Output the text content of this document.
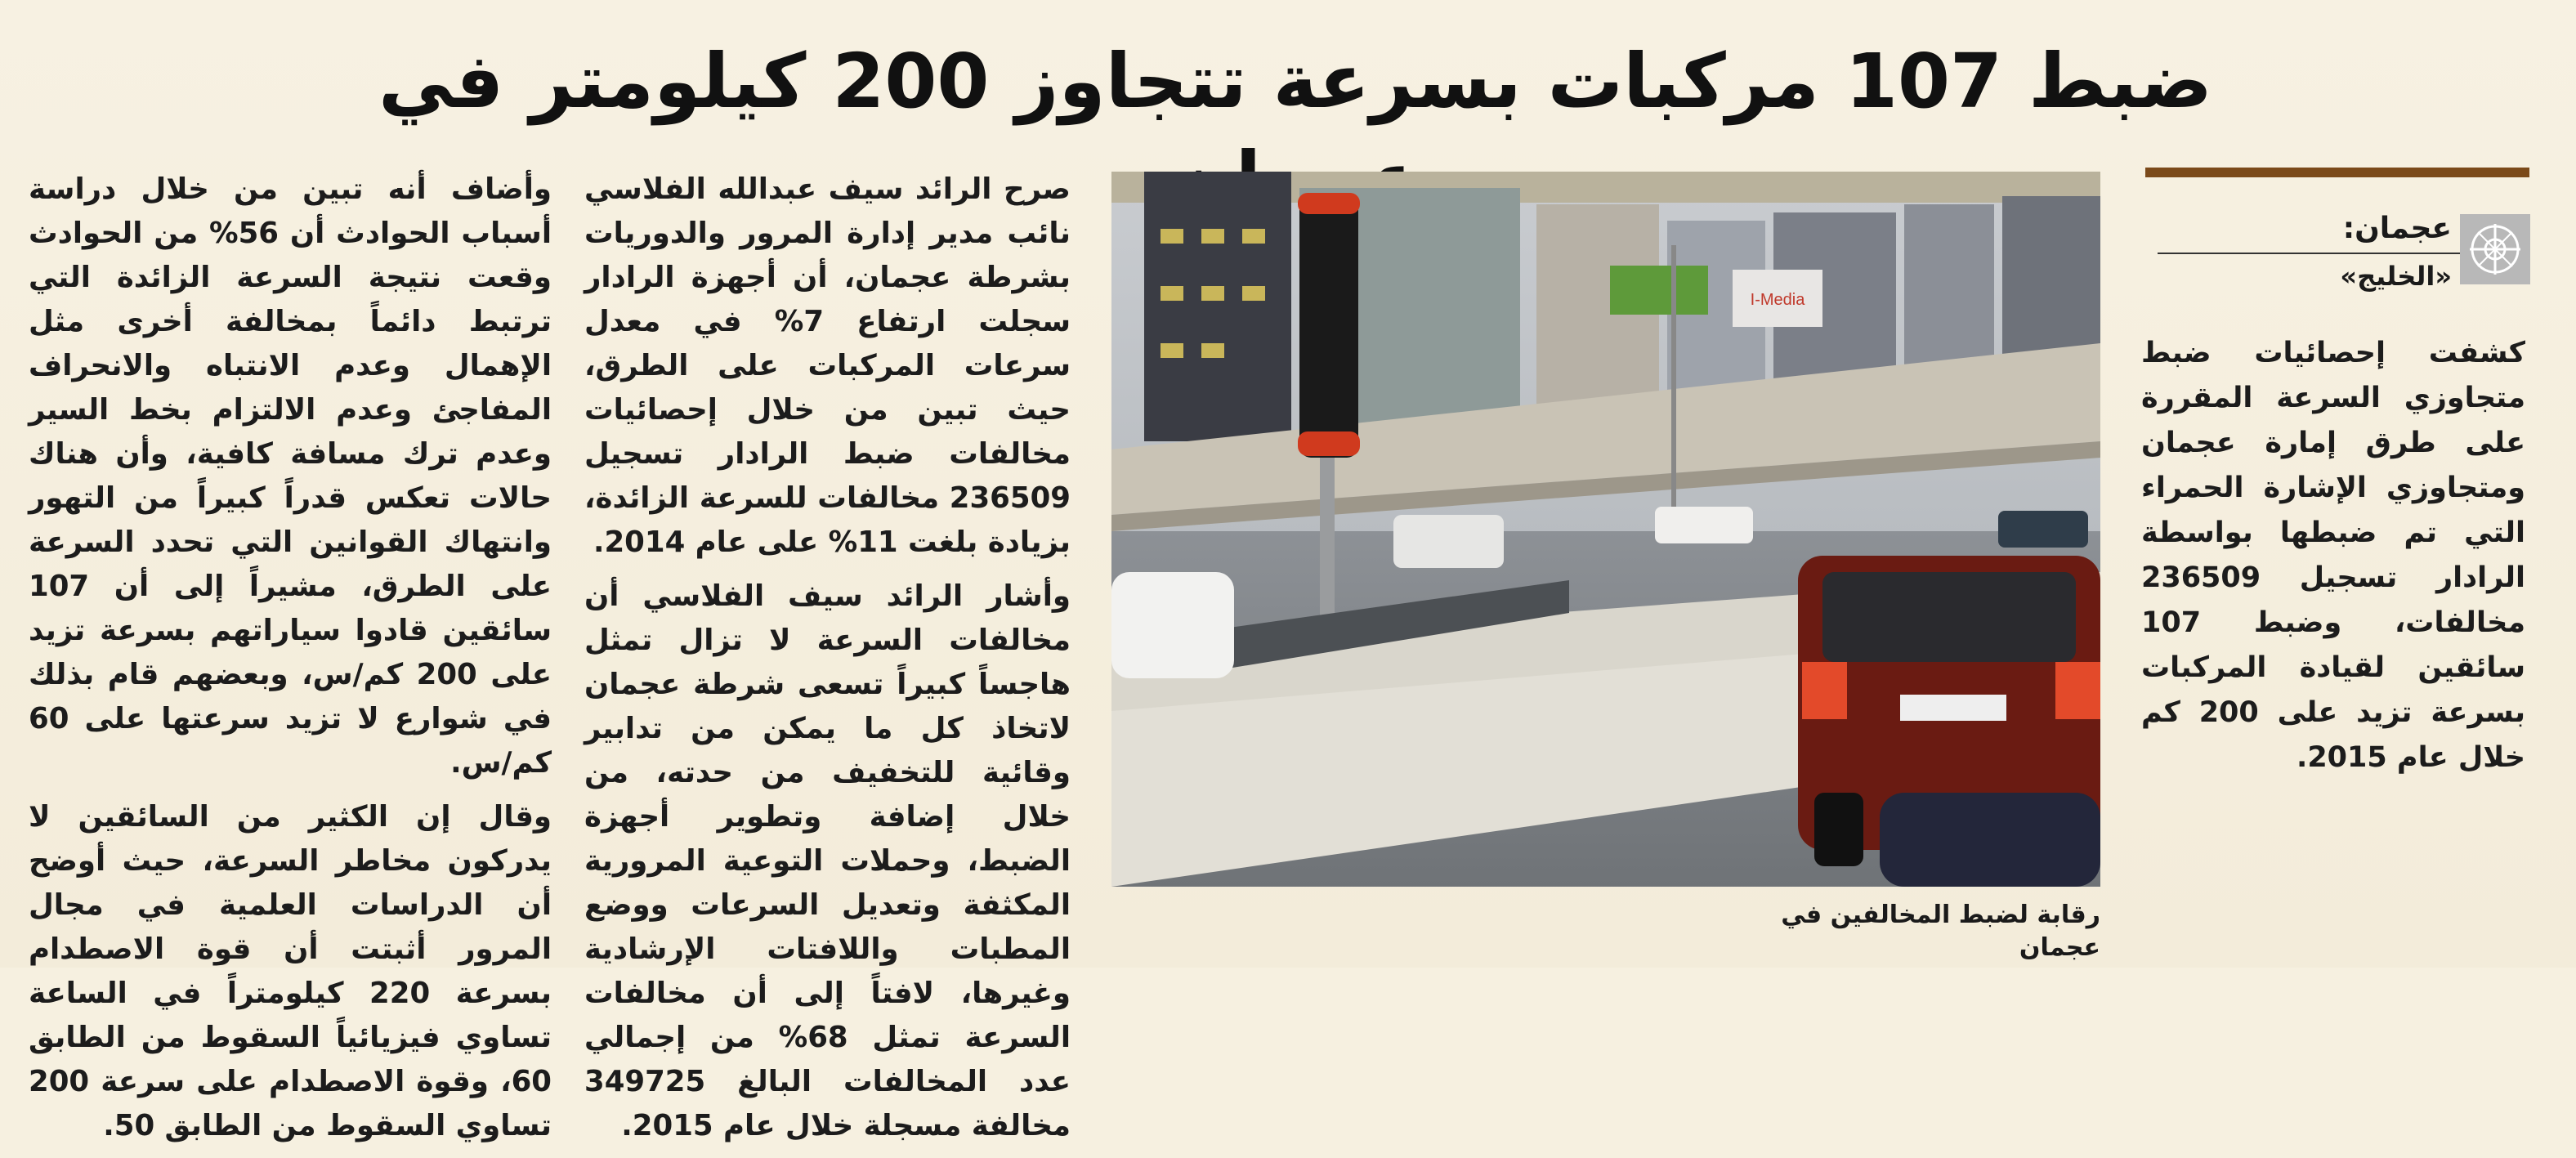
ضبط 107 مركبات بسرعة تتجاوز 200 كيلومتر في
عجمان:
«الخليج»

كشفت إحصائيات ضبط متجاوزي السرعة المقررة على طرق إمارة عجمان ومتجاوزي الإشارة الحمراء التي تم ضبطها بواسطة الرادار تسجيل 236509 مخالفات، وضبط 107 سائقين لقيادة المركبات بسرعة تزيد على 200 كم خلال عام 2015.

I-Media
رقابة لضبط المخالفين في عجمان

صرح الرائد سيف عبدالله الفلاسي نائب مدير إدارة المرور والدوريات بشرطة عجمان، أن أجهزة الرادار سجلت ارتفاع 7% في معدل سرعات المركبات على الطرق، حيث تبين من خلال إحصائيات مخالفات ضبط الرادار تسجيل 236509 مخالفات للسرعة الزائدة، بزيادة بلغت 11% على عام 2014.

وأشار الرائد سيف الفلاسي أن مخالفات السرعة لا تزال تمثل هاجساً كبيراً تسعى شرطة عجمان لاتخاذ كل ما يمكن من تدابير وقائية للتخفيف من حدته، من خلال إضافة وتطوير أجهزة الضبط، وحملات التوعية المرورية المكثفة وتعديل السرعات ووضع المطبات واللافتات الإرشادية وغيرها، لافتاً إلى أن مخالفات السرعة تمثل 68% من إجمالي عدد المخالفات البالغ 349725 مخالفة مسجلة خلال عام 2015.

وأضاف أنه تبين من خلال دراسة أسباب الحوادث أن 56% من الحوادث وقعت نتيجة السرعة الزائدة التي ترتبط دائماً بمخالفة أخرى مثل الإهمال وعدم الانتباه والانحراف المفاجئ وعدم الالتزام بخط السير وعدم ترك مسافة كافية، وأن هناك حالات تعكس قدراً كبيراً من التهور وانتهاك القوانين التي تحدد السرعة على الطرق، مشيراً إلى أن 107 سائقين قادوا سياراتهم بسرعة تزيد على 200 كم/س، وبعضهم قام بذلك في شوارع لا تزيد سرعتها على 60 كم/س.

وقال إن الكثير من السائقين لا يدركون مخاطر السرعة، حيث أوضح أن الدراسات العلمية في مجال المرور أثبتت أن قوة الاصطدام بسرعة 220 كيلومتراً في الساعة تساوي فيزيائياً السقوط من الطابق 60، وقوة الاصطدام على سرعة 200 تساوي السقوط من الطابق 50.
